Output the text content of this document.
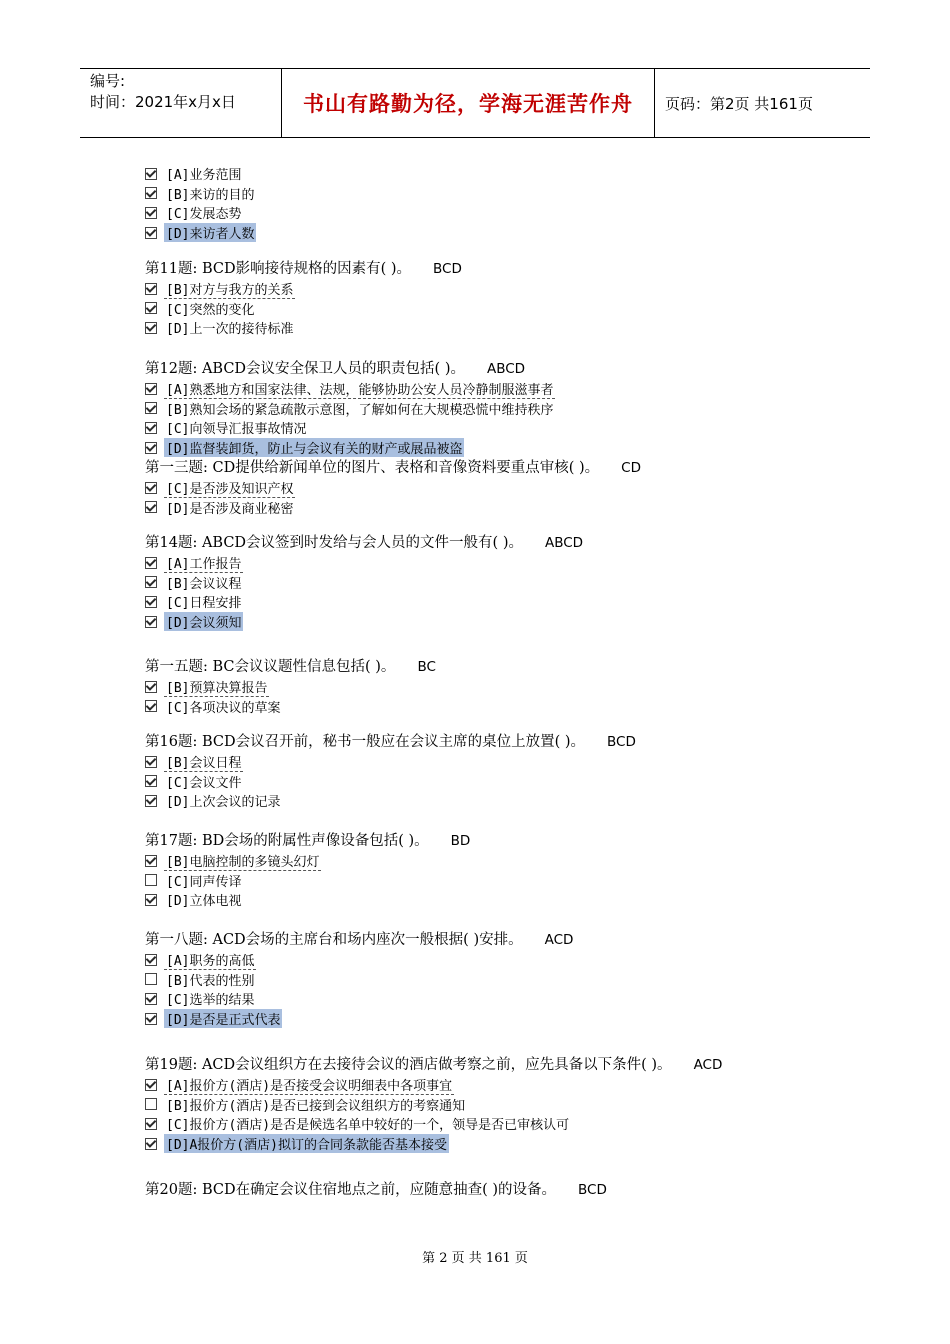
编号:
时间：2021年x月x日	书山有路勤为径，学海无涯苦作舟 页码：第2页 共161页
[A]业务范围
[B]来访的目的
[C]发展态势
[D]来访者人数
第11题: BCD影响接待规格的因素有( )。 BCD
[B]对方与我方的关系
[C]突然的变化
[D]上一次的接待标准
第12题: ABCD会议安全保卫人员的职责包括( )。 ABCD
[A]熟悉地方和国家法律、法规，能够协助公安人员冷静制服滋事者
[B]熟知会场的紧急疏散示意图，了解如何在大规模恐慌中维持秩序
[C]向领导汇报事故情况
[D]监督装卸货，防止与会议有关的财产或展品被盗
第一三题: CD提供给新闻单位的图片、表格和音像资料要重点审核( )。 CD
[C]是否涉及知识产权
[D]是否涉及商业秘密
第14题: ABCD会议签到时发给与会人员的文件一般有( )。 ABCD
[A]工作报告
[B]会议议程
[C]日程安排
[D]会议须知
第一五题: BC会议议题性信息包括( )。 BC
[B]预算决算报告
[C]各项决议的草案
第16题: BCD会议召开前，秘书一般应在会议主席的桌位上放置( )。 BCD
[B]会议日程
[C]会议文件
[D]上次会议的记录
第17题: BD会场的附属性声像设备包括( )。 BD
[B]电脑控制的多镜头幻灯
[C]同声传译
[D]立体电视
第一八题: ACD会场的主席台和场内座次一般根据( )安排。 ACD
[A]职务的高低
[B]代表的性别
[C]选举的结果
[D]是否是正式代表
第19题: ACD会议组织方在去接待会议的酒店做考察之前，应先具备以下条件( )。 ACD
[A]报价方(酒店)是否接受会议明细表中各项事宜
[B]报价方(酒店)是否已接到会议组织方的考察通知
[C]报价方(酒店)是否是候选名单中较好的一个，领导是否已审核认可
[D]A报价方(酒店)拟订的合同条款能否基本接受
第20题: BCD在确定会议住宿地点之前，应随意抽查( )的设备。 BCD
第 2 页 共 161 页
